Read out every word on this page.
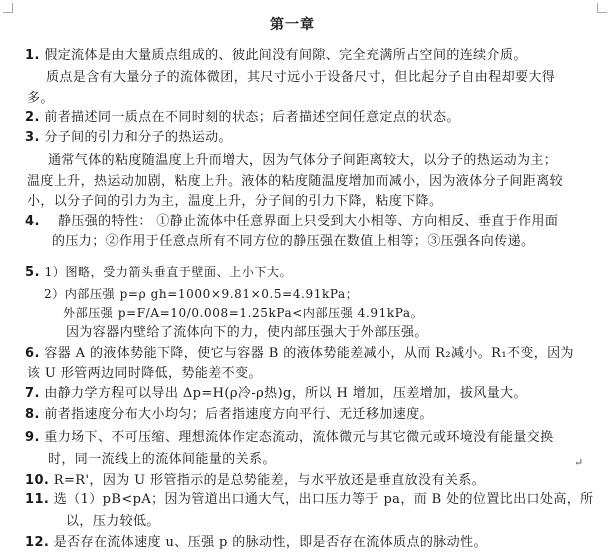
第一章
1. 假定流体是由大量质点组成的、彼此间没有间隙、完全充满所占空间的连续介质。
质点是含有大量分子的流体微团，其尺寸远小于设备尺寸，但比起分子自由程却要大得
多。
2. 前者描述同一质点在不同时刻的状态；后者描述空间任意定点的状态。
3. 分子间的引力和分子的热运动。
通常气体的粘度随温度上升而增大，因为气体分子间距离较大，以分子的热运动为主；
温度上升，热运动加剧，粘度上升。液体的粘度随温度增加而减小，因为液体分子间距离较
小，以分子间的引力为主，温度上升，分子间的引力下降，粘度下降。
4. 静压强的特性： ①静止流体中任意界面上只受到大小相等、方向相反、垂直于作用面
的压力；②作用于任意点所有不同方位的静压强在数值上相等；③压强各向传递。
5. 1）图略，受力箭头垂直于壁面、上小下大。
2）内部压强 p=ρ gh=1000×9.81×0.5=4.91kPa；
外部压强 p=F/A=10/0.008=1.25kPa<内部压强 4.91kPa。
因为容器内壁给了流体向下的力，使内部压强大于外部压强。
6. 容器 A 的液体势能下降，使它与容器 B 的液体势能差减小，从而 R₂减小。R₁不变，因为
该 U 形管两边同时降低，势能差不变。
7. 由静力学方程可以导出 Δp=H(ρ冷-ρ热)g，所以 H 增加，压差增加，拔风量大。
8. 前者指速度分布大小均匀；后者指速度方向平行、无迁移加速度。
9. 重力场下、不可压缩、理想流体作定态流动，流体微元与其它微元或环境没有能量交换
时，同一流线上的流体间能量的关系。
10. R=R'，因为 U 形管指示的是总势能差，与水平放还是垂直放没有关系。
11. 选（1）pB<pA；因为管道出口通大气，出口压力等于 pa，而 B 处的位置比出口处高，所
以，压力较低。
12. 是否存在流体速度 u、压强 p 的脉动性，即是否存在流体质点的脉动性。
↵
